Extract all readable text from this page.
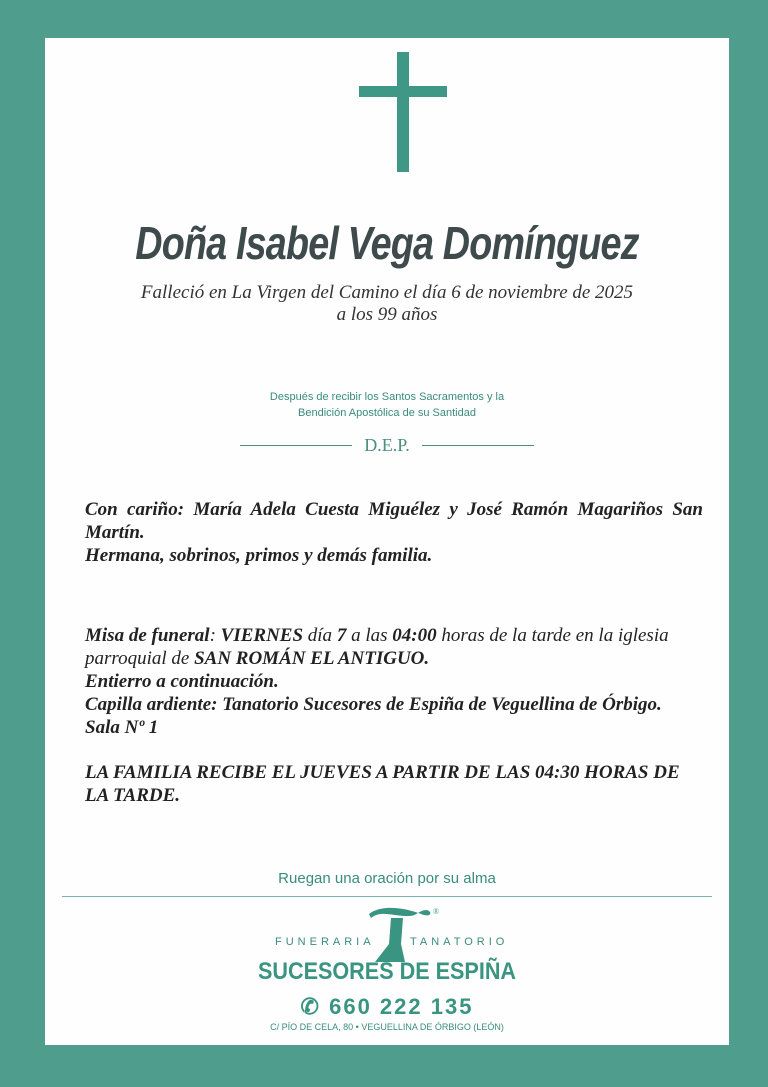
Doña Isabel Vega Domínguez
Falleció en La Virgen del Camino el día 6 de noviembre de 2025
a los 99 años
Después de recibir los Santos Sacramentos y la
Bendición Apostólica de su Santidad
D.E.P.
Con cariño: María Adela Cuesta Miguélez y José Ramón Magariños San Martín.
Hermana, sobrinos, primos y demás familia.
Misa de funeral: VIERNES día 7 a las 04:00 horas de la tarde en la iglesia parroquial de SAN ROMÁN EL ANTIGUO.
Entierro a continuación.
Capilla ardiente: Tanatorio Sucesores de Espiña de Veguellina de Órbigo.
Sala Nº 1
LA FAMILIA RECIBE EL JUEVES A PARTIR DE LAS 04:30 HORAS DE LA TARDE.
Ruegan una oración por su alma
®
FUNERARIA	TANATORIO
SUCESORES DE ESPIÑA
✆ 660 222 135
C/ PÍO DE CELA, 80 • VEGUELLINA DE ÓRBIGO (LEÓN)
